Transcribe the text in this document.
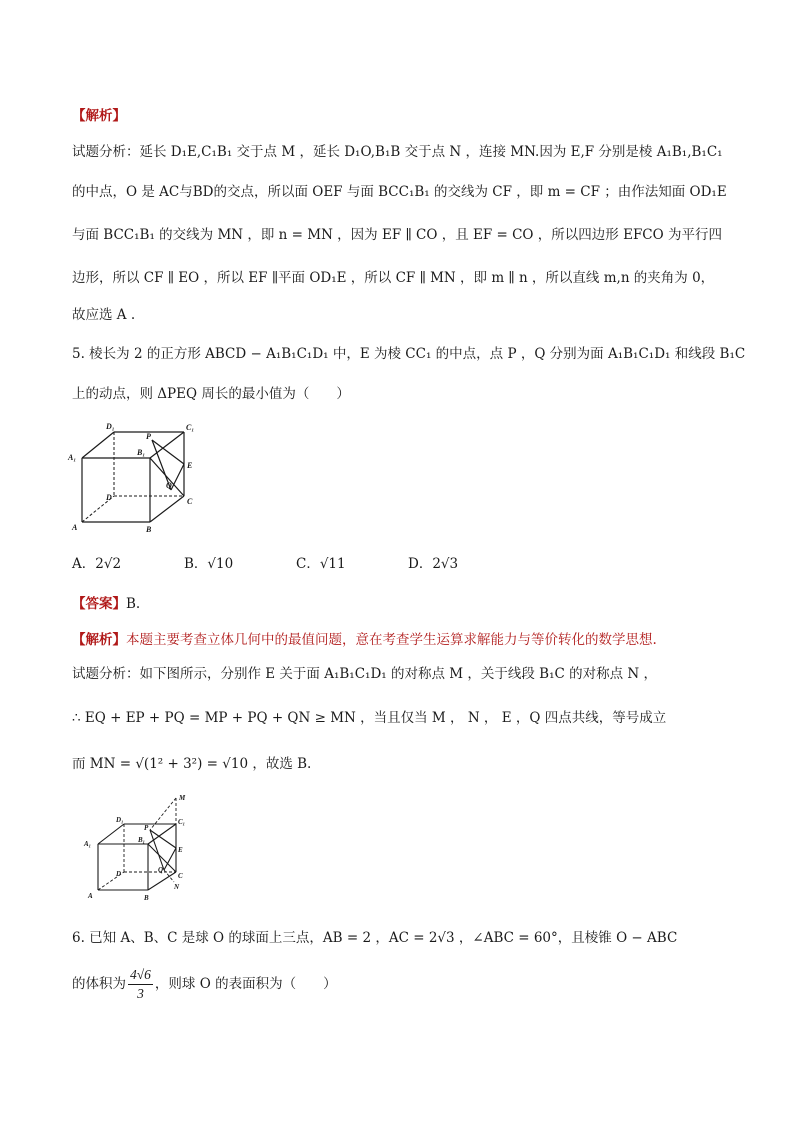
【解析】
试题分析：延长 D₁E,C₁B₁ 交于点 M ，延长 D₁O,B₁B 交于点 N ，连接 MN.因为 E,F 分别是棱 A₁B₁,B₁C₁
的中点，O 是 AC与BD的交点，所以面 OEF 与面 BCC₁B₁ 的交线为 CF ，即 m = CF ；由作法知面 OD₁E
与面 BCC₁B₁ 的交线为 MN ，即 n = MN ，因为 EF ∥ CO ，且 EF = CO ，所以四边形 EFCO 为平行四
边形，所以 CF ∥ EO ，所以 EF ∥平面 OD₁E ，所以 CF ∥ MN ，即 m ∥ n ，所以直线 m,n 的夹角为 0，
故应选 A .
5. 棱长为 2 的正方形 ABCD − A₁B₁C₁D₁ 中，E 为棱 CC₁ 的中点，点 P ，Q 分别为面 A₁B₁C₁D₁ 和线段 B₁C
上的动点，则 ΔPEQ 周长的最小值为（　　）
D₁	C₁
A₁
B₁
P
E
Q
D	C
A	B
A．2√2	B．√10	C．√11	D．2√3
【答案】B.
【解析】本题主要考查立体几何中的最值问题，意在考查学生运算求解能力与等价转化的数学思想.
试题分析：如下图所示，分别作 E 关于面 A₁B₁C₁D₁ 的对称点 M ，关于线段 B₁C 的对称点 N ，
∴ EQ + EP + PQ = MP + PQ + QN ≥ MN ，当且仅当 M ， N ， E ，Q 四点共线，等号成立
而 MN = √(1² + 3²) = √10 ，故选 B.
M
D₁	C₁
A₁	B₁
P
E
Q
D	C
N
A	B
6. 已知 A、B、C 是球 O 的球面上三点，AB = 2 ，AC = 2√3 ，∠ABC = 60°，且棱锥 O − ABC
的体积为 $\frac{4√6}{3}$ ，则球 O 的表面积为（　　）
